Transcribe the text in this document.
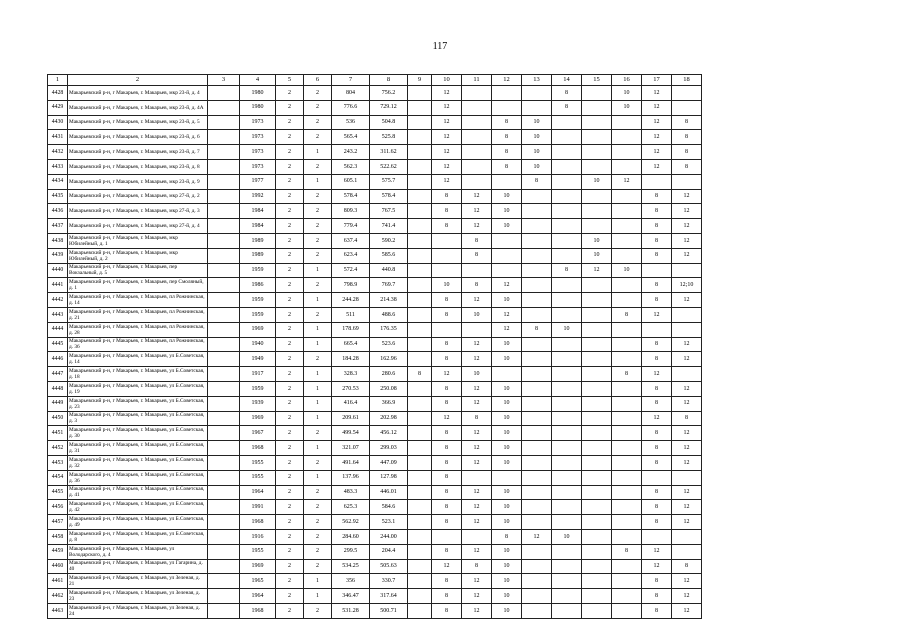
117
1	2	3	4	5	6	7	8	9	10	11	12	13	14	15	16	17	18
4428	Макарьевский р-н, г Макарьев, г. Макарьев, мкр 23-й, д. 4		1980	2	2	804	756.2		12				8		10	12	
4429	Макарьевский р-н, г Макарьев, г. Макарьев, мкр 23-й, д. 4А		1980	2	2	776.6	729.12		12				8		10	12	
4430	Макарьевский р-н, г Макарьев, г. Макарьев, мкр 23-й, д. 5		1973	2	2	536	504.8		12		8	10				12	8
4431	Макарьевский р-н, г Макарьев, г. Макарьев, мкр 23-й, д. 6		1973	2	2	565.4	525.8		12		8	10				12	8
4432	Макарьевский р-н, г Макарьев, г. Макарьев, мкр 23-й, д. 7		1973	2	1	243.2	311.62		12		8	10				12	8
4433	Макарьевский р-н, г Макарьев, г. Макарьев, мкр 23-й, д. 8		1973	2	2	562.3	522.62		12		8	10				12	8
4434	Макарьевский р-н, г Макарьев, г. Макарьев, мкр 23-й, д. 9		1977	2	1	605.1	575.7		12			8		10	12		
4435	Макарьевский р-н, г Макарьев, г. Макарьев, мкр 27-й, д. 2		1992	2	2	578.4	578.4		8	12	10					8	12
4436	Макарьевский р-н, г Макарьев, г. Макарьев, мкр 27-й, д. 3		1984	2	2	809.3	767.5		8	12	10					8	12
4437	Макарьевский р-н, г Макарьев, г. Макарьев, мкр 27-й, д. 4		1984	2	2	779.4	741.4		8	12	10					8	12
4438	Макарьевский р-н, г Макарьев, г. Макарьев, мкр Юбилейный, д. 1		1989	2	2	637.4	590.2			8				10		8	12
4439	Макарьевский р-н, г Макарьев, г. Макарьев, мкр Юбилейный, д. 2		1989	2	2	623.4	585.6			8				10		8	12
4440	Макарьевский р-н, г Макарьев, г. Макарьев, пер Вокзальный, д. 5		1959	2	1	572.4	440.8						8	12	10		
4441	Макарьевский р-н, г Макарьев, г. Макарьев, пер Смоляный, д. 1		1986	2	2	798.9	769.7		10	8	12					8	12;10
4442	Макарьевский р-н, г Макарьев, г. Макарьев, пл Рожнинская, д. 14		1959	2	1	244.28	214.38		8	12	10					8	12
4443	Макарьевский р-н, г Макарьев, г. Макарьев, пл Рожнинская, д. 21		1959	2	2	511	488.6		8	10	12				8	12	
4444	Макарьевский р-н, г Макарьев, г. Макарьев, пл Рожнинская, д. 28		1969	2	1	178.69	176.35				12	8	10				
4445	Макарьевский р-н, г Макарьев, г. Макарьев, пл Рожнинская, д. 36		1940	2	1	665.4	523.6		8	12	10					8	12
4446	Макарьевский р-н, г Макарьев, г. Макарьев, ул Б.Советская, д. 14		1949	2	2	184.28	162.96		8	12	10					8	12
4447	Макарьевский р-н, г Макарьев, г. Макарьев, ул Б.Советская, д. 18		1917	2	1	328.3	280.6	8	12	10					8	12	
4448	Макарьевский р-н, г Макарьев, г. Макарьев, ул Б.Советская, д. 19		1959	2	1	270.53	250.08		8	12	10					8	12
4449	Макарьевский р-н, г Макарьев, г. Макарьев, ул Б.Советская, д. 23		1939	2	1	416.4	366.9		8	12	10					8	12
4450	Макарьевский р-н, г Макарьев, г. Макарьев, ул Б.Советская, д. 3		1969	2	1	209.61	202.98		12	8	10					12	8
4451	Макарьевский р-н, г Макарьев, г. Макарьев, ул Б.Советская, д. 30		1967	2	2	499.54	456.12		8	12	10					8	12
4452	Макарьевский р-н, г Макарьев, г. Макарьев, ул Б.Советская, д. 31		1968	2	1	321.07	299.03		8	12	10					8	12
4453	Макарьевский р-н, г Макарьев, г. Макарьев, ул Б.Советская, д. 32		1955	2	2	491.64	447.09		8	12	10					8	12
4454	Макарьевский р-н, г Макарьев, г. Макарьев, ул Б.Советская, д. 36		1955	2	1	137.96	127.98		8								
4455	Макарьевский р-н, г Макарьев, г. Макарьев, ул Б.Советская, д. 41		1964	2	2	483.3	446.01		8	12	10					8	12
4456	Макарьевский р-н, г Макарьев, г. Макарьев, ул Б.Советская, д. 42		1991	2	2	625.3	584.6		8	12	10					8	12
4457	Макарьевский р-н, г Макарьев, г. Макарьев, ул Б.Советская, д. 49		1968	2	2	562.92	523.1		8	12	10					8	12
4458	Макарьевский р-н, г Макарьев, г. Макарьев, ул Б.Советская, д. 8		1916	2	2	284.60	244.00				8	12	10				
4459	Макарьевский р-н, г Макарьев, г. Макарьев, ул Володарского, д. 4		1955	2	2	299.5	204.4		8	12	10				8	12	
4460	Макарьевский р-н, г Макарьев, г. Макарьев, ул Гагарина, д. 40		1969	2	2	534.25	505.63		12	8	10					12	8
4461	Макарьевский р-н, г Макарьев, г. Макарьев, ул Зеленая, д. 21		1965	2	1	356	330.7		8	12	10					8	12
4462	Макарьевский р-н, г Макарьев, г. Макарьев, ул Зеленая, д. 23		1964	2	1	346.47	317.64		8	12	10					8	12
4463	Макарьевский р-н, г Макарьев, г. Макарьев, ул Зеленая, д. 24		1968	2	2	531.28	500.71		8	12	10					8	12
